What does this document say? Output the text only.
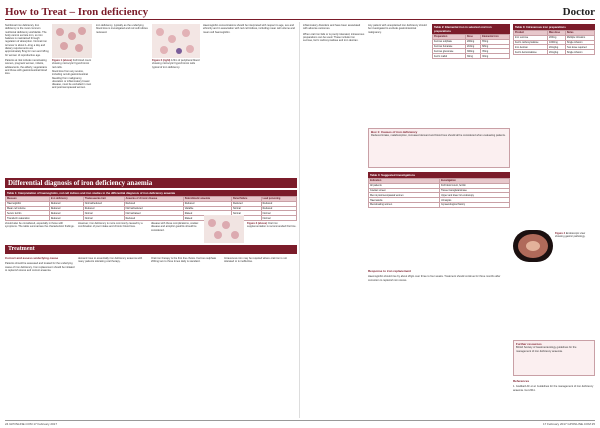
How to Treat – Iron deficiency	Doctor

Nutritional iron deficiency Iron deficiency is the most common nutritional deficiency worldwide. The body cannot excrete iron, so iron balance is maintained through regulation of absorption. Normal iron turnover is about 1–2mg a day and dietary requirements are approximately 8mg for men and 18mg for women of reproductive age.

Patients at risk include menstruating women, pregnant women, infants, adolescents, the elderly, vegetarians and those with gastrointestinal blood loss.

Figure 1 (above) Full blood count showing microcytic hypochromic red cells.

blood loss from any source, including occult gastrointestinal bleeding from malignancy, ulceration or inflammatory bowel disease, must be excluded in men and postmenopausal women.

iron deficiency, typically as the underlying blood loss is investigated and red cell indices reviewed.

Figure 2 (right) A film of peripheral blood showing microcytic hypochromic cells typical of iron deficiency.

Haemoglobin concentrations should be interpreted with respect to age, sex and ethnicity and in association with red cell indices, including mean cell volume and mean cell haemoglobin.

Differential diagnosis of iron deficiency anaemia
Table 1: Interpretation of haemoglobin, red cell indices and iron studies in the differential diagnosis of iron deficiency anaemia
Measure	Iron deficiency	Thalassaemia trait	Anaemia of chronic disease	Sideroblastic anaemia	Renal failure	Lead poisoning
Haemoglobin	Reduced	Normal/reduced	Reduced	Reduced	Reduced	Reduced
Mean cell volume	Reduced	Reduced	Normal/reduced	Variable	Normal	Reduced
Serum ferritin	Reduced	Normal	Normal/raised	Raised	Normal	Normal
Transferrin saturation	Reduced	Normal	Reduced	Raised		Normal
should also be considered, especially in those with symptoms. The table summarises the characteristic findings.
However, iron deficiency is more commonly caused by a combination of poor intake and chronic blood loss.
disease with these complications, coeliac disease and atrophic gastritis should be considered.
Figure 3 (above) Oral iron supplementation is recommended first line.
Treatment

Correct and assess underlying cause

Patients should be assessed and treated for the underlying cause of iron deficiency. Iron replacement should be initiated to replenish stores and correct anaemia.

demand rose to essentially iron deficiency anaemia with many patients tolerating oral therapy.
Oral iron therapy is the first line choice. Ferrous sulphate 200mg two to three times daily is standard.
Intravenous iron may be required where oral iron is not tolerated or is ineffective.

inflammatory disorders and have been associated with adverse outcomes.

When oral iron fails or is poorly tolerated, intravenous preparations can be used. These include iron sucrose, ferric carboxymaltose and iron dextran.

Any patient with unexplained iron deficiency should be investigated to exclude gastrointestinal malignancy.
Table 2: Elemental iron in selected oral iron preparations
Preparation	Dose	Elemental iron
Ferrous sulphate	200mg	65mg
Ferrous fumarate	210mg	68mg
Ferrous gluconate	300mg	35mg
Ferric maltol	30mg	30mg
Table 3: Intravenous iron preparations
Product	Max dose	Notes
Iron sucrose	200mg	Multiple infusions
Ferric carboxymaltose	1000mg	Single infusion
Iron dextran	20mg/kg	Test dose required
Ferric derisomaltose	20mg/kg	Single infusion

Box 1: Causes of iron deficiency

Reduced intake, malabsorption, increased demand and blood loss should all be considered when evaluating patients.

Table 4: Suggested investigations
Indication	Investigation
All patients	Full blood count, ferritin
Coeliac screen	Tissue transglutaminase
Men & postmenopausal women	Upper and lower GI endoscopy
Haematuria	Urinalysis
Menstruating women	Gynaecological history
Figure 4 Endoscopic view showing gastric pathology.

Response to iron replacement

Haemoglobin should rise by about 20g/L over three to four weeks. Treatment should continue for three months after correction to replenish iron stores.

Further resources

British Society of Gastroenterology guidelines for the management of iron deficiency anaemia.

References

1. Goddard AF et al. Guidelines for the management of iron deficiency anaemia. Gut 2011.

24 GPONLINE.COM 17 February 2017	17 February 2017 GPONLINE.COM 25
